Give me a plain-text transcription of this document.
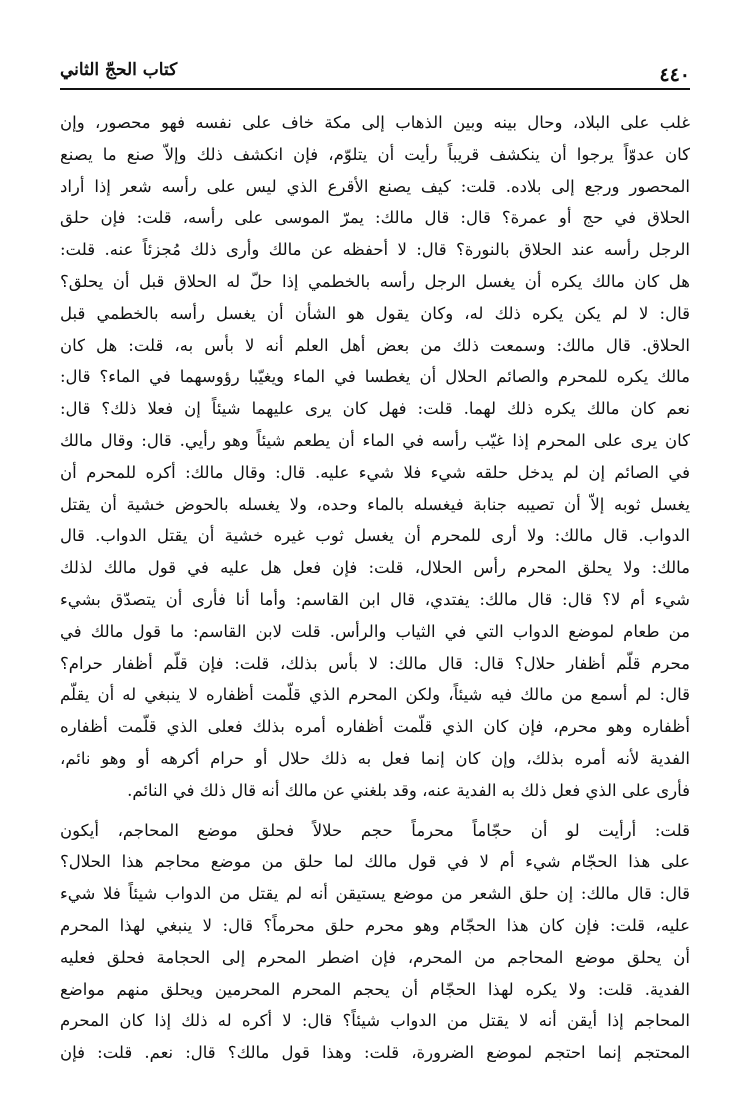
كتاب الحجّ الثاني	٤٤٠
غلب على البلاد، وحال بينه وبين الذهاب إلى مكة خاف على نفسه فهو محصور، وإن
كان عدوّاً يرجوا أن ينكشف قريباً رأيت أن يتلوّم، فإن انكشف ذلك وإلاّ صنع ما يصنع
المحصور ورجع إلى بلاده. قلت: كيف يصنع الأقرع الذي ليس على رأسه شعر إذا أراد
الحلاق في حج أو عمرة؟ قال: قال مالك: يمرّ الموسى على رأسه، قلت: فإن حلق
الرجل رأسه عند الحلاق بالنورة؟ قال: لا أحفظه عن مالك وأرى ذلك مُجزئاً عنه. قلت:
هل كان مالك يكره أن يغسل الرجل رأسه بالخطمي إذا حلّ له الحلاق قبل أن يحلق؟
قال: لا لم يكن يكره ذلك له، وكان يقول هو الشأن أن يغسل رأسه بالخطمي قبل
الحلاق. قال مالك: وسمعت ذلك من بعض أهل العلم أنه لا بأس به، قلت: هل كان
مالك يكره للمحرم والصائم الحلال أن يغطسا في الماء ويغيّبا رؤوسهما في الماء؟ قال:
نعم كان مالك يكره ذلك لهما. قلت: فهل كان يرى عليهما شيئاً إن فعلا ذلك؟ قال:
كان يرى على المحرم إذا غيّب رأسه في الماء أن يطعم شيئاً وهو رأيي. قال: وقال مالك
في الصائم إن لم يدخل حلقه شيء فلا شيء عليه. قال: وقال مالك: أكره للمحرم أن
يغسل ثوبه إلاّ أن تصيبه جنابة فيغسله بالماء وحده، ولا يغسله بالحوض خشية أن يقتل
الدواب. قال مالك: ولا أرى للمحرم أن يغسل ثوب غيره خشية أن يقتل الدواب. قال
مالك: ولا يحلق المحرم رأس الحلال، قلت: فإن فعل هل عليه في قول مالك لذلك
شيء أم لا؟ قال: قال مالك: يفتدي، قال ابن القاسم: وأما أنا فأرى أن يتصدّق بشيء
من طعام لموضع الدواب التي في الثياب والرأس. قلت لابن القاسم: ما قول مالك في
محرم قلّم أظفار حلال؟ قال: قال مالك: لا بأس بذلك، قلت: فإن قلّم أظفار حرام؟
قال: لم أسمع من مالك فيه شيئاً، ولكن المحرم الذي قلّمت أظفاره لا ينبغي له أن يقلّم
أظفاره وهو محرم، فإن كان الذي قلّمت أظفاره أمره بذلك فعلى الذي قلّمت أظفاره
الفدية لأنه أمره بذلك، وإن كان إنما فعل به ذلك حلال أو حرام أكرهه أو وهو نائم،
فأرى على الذي فعل ذلك به الفدية عنه، وقد بلغني عن مالك أنه قال ذلك في النائم.
قلت: أرأيت لو أن حجّاماً محرماً حجم حلالاً فحلق موضع المحاجم، أيكون
على هذا الحجّام شيء أم لا في قول مالك لما حلق من موضع محاجم هذا الحلال؟
قال: قال مالك: إن حلق الشعر من موضع يستيقن أنه لم يقتل من الدواب شيئاً فلا شيء
عليه، قلت: فإن كان هذا الحجّام وهو محرم حلق محرماً؟ قال: لا ينبغي لهذا المحرم
أن يحلق موضع المحاجم من المحرم، فإن اضطر المحرم إلى الحجامة فحلق فعليه
الفدية. قلت: ولا يكره لهذا الحجّام أن يحجم المحرم المحرمين ويحلق منهم مواضع
المحاجم إذا أيقن أنه لا يقتل من الدواب شيئاً؟ قال: لا أكره له ذلك إذا كان المحرم
المحتجم إنما احتجم لموضع الضرورة، قلت: وهذا قول مالك؟ قال: نعم. قلت: فإن
